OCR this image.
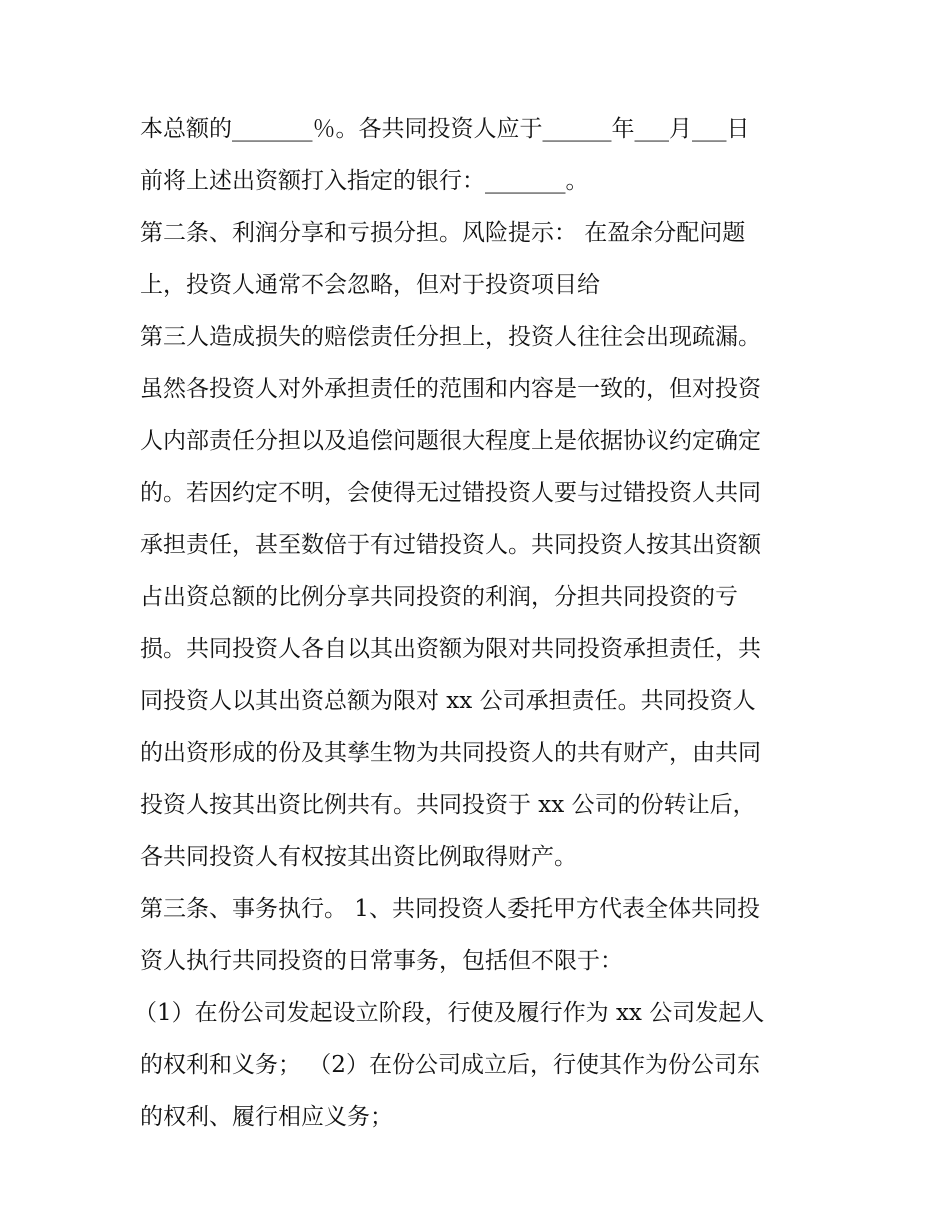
本总额的_______％。各共同投资人应于______年___月___日
前将上述出资额打入指定的银行：_______。
第二条、利润分享和亏损分担。风险提示： 在盈余分配问题
上，投资人通常不会忽略，但对于投资项目给
第三人造成损失的赔偿责任分担上，投资人往往会出现疏漏。
虽然各投资人对外承担责任的范围和内容是一致的，但对投资
人内部责任分担以及追偿问题很大程度上是依据协议约定确定
的。若因约定不明，会使得无过错投资人要与过错投资人共同
承担责任，甚至数倍于有过错投资人。共同投资人按其出资额
占出资总额的比例分享共同投资的利润，分担共同投资的亏
损。共同投资人各自以其出资额为限对共同投资承担责任，共
同投资人以其出资总额为限对 xx 公司承担责任。共同投资人
的出资形成的份及其孳生物为共同投资人的共有财产，由共同
投资人按其出资比例共有。共同投资于 xx 公司的份转让后，
各共同投资人有权按其出资比例取得财产。
第三条、事务执行。 1、共同投资人委托甲方代表全体共同投
资人执行共同投资的日常事务，包括但不限于：
（1）在份公司发起设立阶段，行使及履行作为 xx 公司发起人
的权利和义务； （2）在份公司成立后，行使其作为份公司东
的权利、履行相应义务；
